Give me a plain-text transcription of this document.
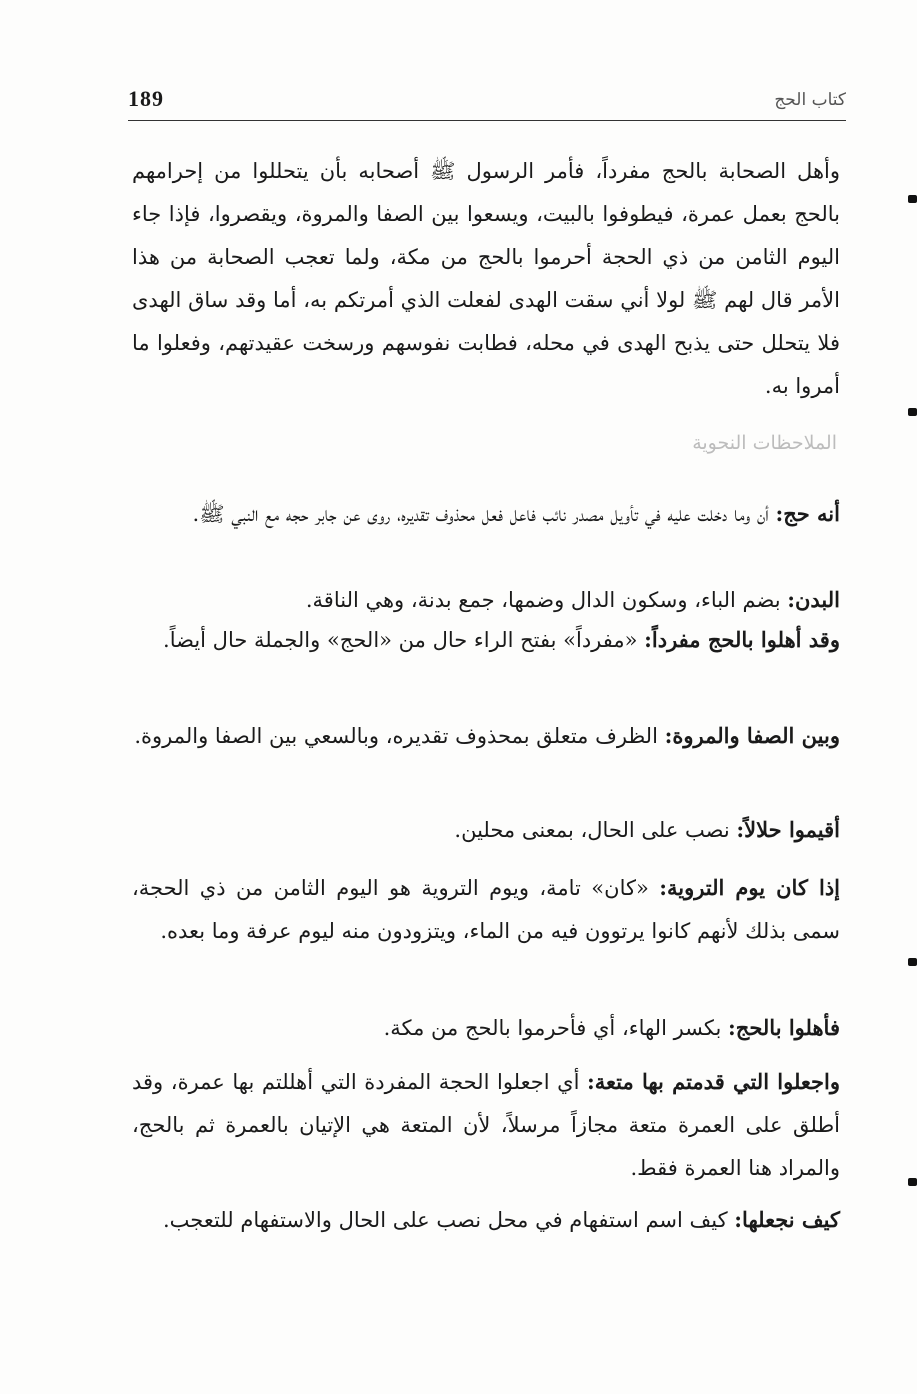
189	كتاب الحج
وأهل الصحابة بالحج مفرداً، فأمر الرسول ﷺ أصحابه بأن يتحللوا من إحرامهم بالحج بعمل عمرة، فيطوفوا بالبيت، ويسعوا بين الصفا والمروة، ويقصروا، فإذا جاء اليوم الثامن من ذي الحجة أحرموا بالحج من مكة، ولما تعجب الصحابة من هذا الأمر قال لهم ﷺ لولا أني سقت الهدى لفعلت الذي أمرتكم به، أما وقد ساق الهدى فلا يتحلل حتى يذبح الهدى في محله، فطابت نفوسهم ورسخت عقيدتهم، وفعلوا ما أمروا به.
الملاحظات النحوية

أنه حج: أن وما دخلت عليه في تأويل مصدر نائب فاعل فعل محذوف تقديره، روى عن جابر حجه مع النبي ﷺ.

البدن: بضم الباء، وسكون الدال وضمها، جمع بدنة، وهي الناقة.

وقد أهلوا بالحج مفرداً: «مفرداً» بفتح الراء حال من «الحج» والجملة حال أيضاً.

وبين الصفا والمروة: الظرف متعلق بمحذوف تقديره، وبالسعي بين الصفا والمروة.

أقيموا حلالاً: نصب على الحال، بمعنى محلين.

إذا كان يوم التروية: «كان» تامة، ويوم التروية هو اليوم الثامن من ذي الحجة، سمى بذلك لأنهم كانوا يرتوون فيه من الماء، ويتزودون منه ليوم عرفة وما بعده.

فأهلوا بالحج: بكسر الهاء، أي فأحرموا بالحج من مكة.

واجعلوا التي قدمتم بها متعة: أي اجعلوا الحجة المفردة التي أهللتم بها عمرة، وقد أطلق على العمرة متعة مجازاً مرسلاً، لأن المتعة هي الإتيان بالعمرة ثم بالحج، والمراد هنا العمرة فقط.

كيف نجعلها: كيف اسم استفهام في محل نصب على الحال والاستفهام للتعجب.
